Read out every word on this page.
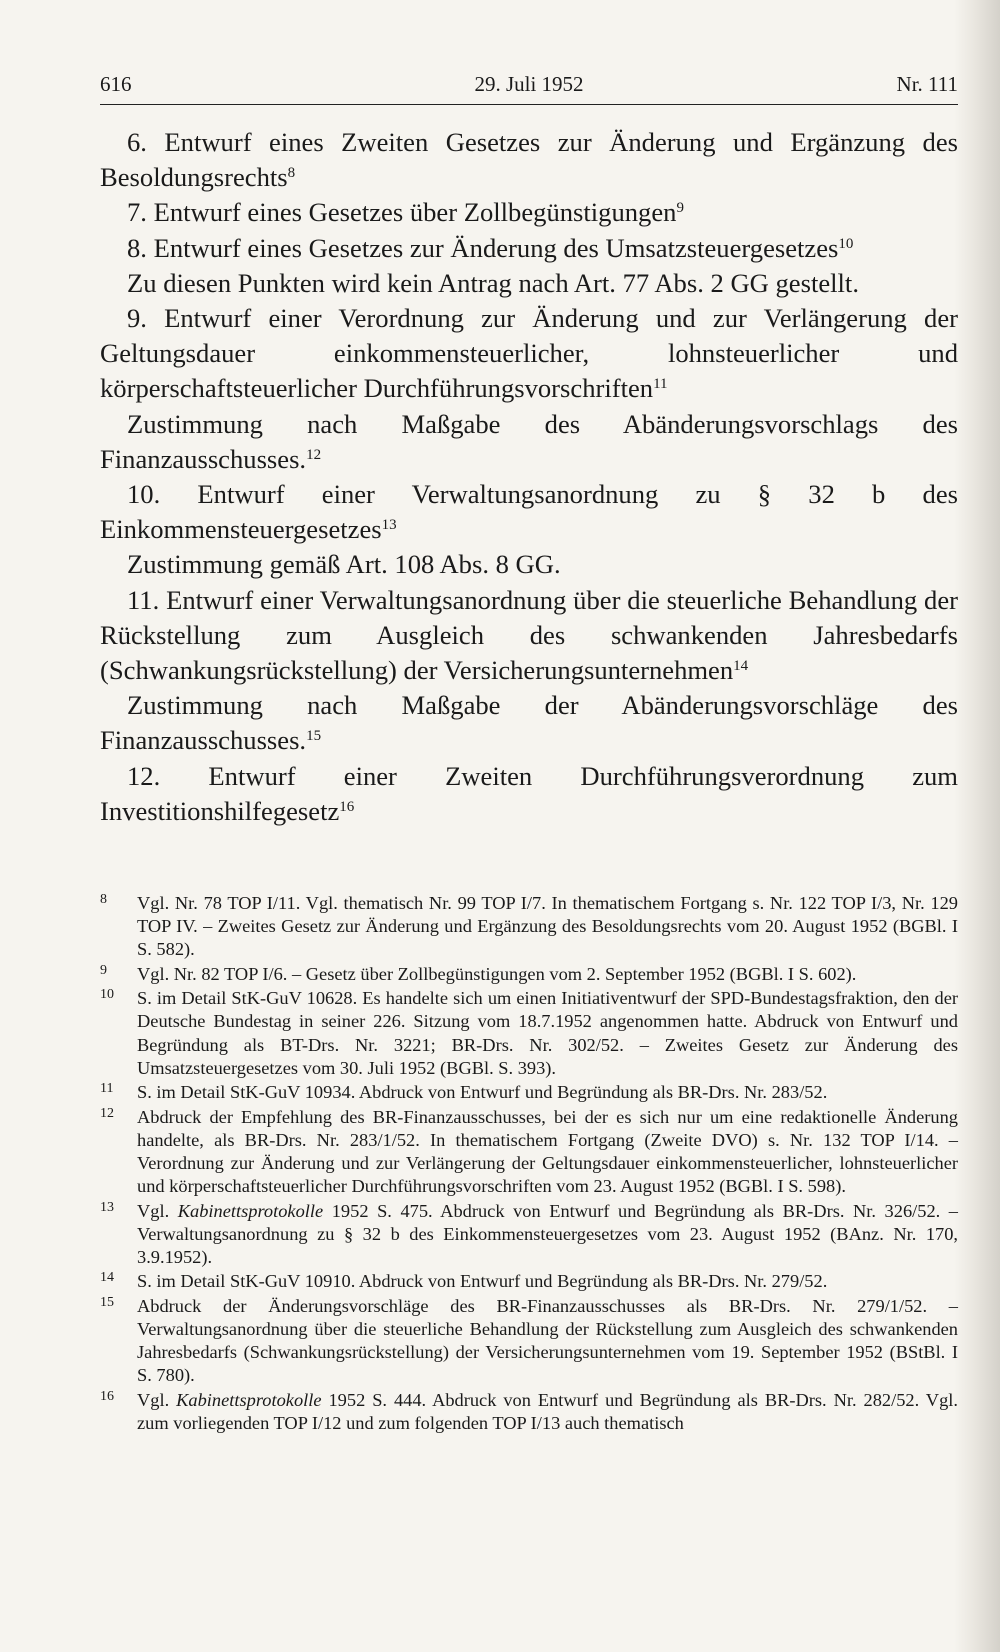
616	29. Juli 1952	Nr. 111

6. Entwurf eines Zweiten Gesetzes zur Änderung und Ergänzung des Besoldungsrechts$^8$

7. Entwurf eines Gesetzes über Zollbegünstigungen$^9$

8. Entwurf eines Gesetzes zur Änderung des Umsatzsteuergesetzes$^{10}$

Zu diesen Punkten wird kein Antrag nach Art. 77 Abs. 2 GG gestellt.

9. Entwurf einer Verordnung zur Änderung und zur Verlängerung der Geltungsdauer einkommensteuerlicher, lohnsteuerlicher und körperschaftsteuerlicher Durchführungsvorschriften$^{11}$

Zustimmung nach Maßgabe des Abänderungsvorschlags des Finanzausschusses.$^{12}$

10. Entwurf einer Verwaltungsanordnung zu § 32 b des Einkommensteuergesetzes$^{13}$

Zustimmung gemäß Art. 108 Abs. 8 GG.

11. Entwurf einer Verwaltungsanordnung über die steuerliche Behandlung der Rückstellung zum Ausgleich des schwankenden Jahresbedarfs (Schwankungsrückstellung) der Versicherungsunternehmen$^{14}$

Zustimmung nach Maßgabe der Abänderungsvorschläge des Finanzausschusses.$^{15}$

12. Entwurf einer Zweiten Durchführungsverordnung zum Investitionshilfegesetz$^{16}$

8 Vgl. Nr. 78 TOP I/11. Vgl. thematisch Nr. 99 TOP I/7. In thematischem Fortgang s. Nr. 122 TOP I/3, Nr. 129 TOP IV. – Zweites Gesetz zur Änderung und Ergänzung des Besoldungsrechts vom 20. August 1952 (BGBl. I S. 582).

9 Vgl. Nr. 82 TOP I/6. – Gesetz über Zollbegünstigungen vom 2. September 1952 (BGBl. I S. 602).

10 S. im Detail StK-GuV 10628. Es handelte sich um einen Initiativentwurf der SPD-Bundestagsfraktion, den der Deutsche Bundestag in seiner 226. Sitzung vom 18.7.1952 angenommen hatte. Abdruck von Entwurf und Begründung als BT-Drs. Nr. 3221; BR-Drs. Nr. 302/52. – Zweites Gesetz zur Änderung des Umsatzsteuergesetzes vom 30. Juli 1952 (BGBl. S. 393).

11 S. im Detail StK-GuV 10934. Abdruck von Entwurf und Begründung als BR-Drs. Nr. 283/52.

12 Abdruck der Empfehlung des BR-Finanzausschusses, bei der es sich nur um eine redaktionelle Änderung handelte, als BR-Drs. Nr. 283/1/52. In thematischem Fortgang (Zweite DVO) s. Nr. 132 TOP I/14. – Verordnung zur Änderung und zur Verlängerung der Geltungsdauer einkommensteuerlicher, lohnsteuerlicher und körperschaftsteuerlicher Durchführungsvorschriften vom 23. August 1952 (BGBl. I S. 598).

13 Vgl. Kabinettsprotokolle 1952 S. 475. Abdruck von Entwurf und Begründung als BR-Drs. Nr. 326/52. – Verwaltungsanordnung zu § 32 b des Einkommensteuergesetzes vom 23. August 1952 (BAnz. Nr. 170, 3.9.1952).

14 S. im Detail StK-GuV 10910. Abdruck von Entwurf und Begründung als BR-Drs. Nr. 279/52.

15 Abdruck der Änderungsvorschläge des BR-Finanzausschusses als BR-Drs. Nr. 279/1/52. – Verwaltungsanordnung über die steuerliche Behandlung der Rückstellung zum Ausgleich des schwankenden Jahresbedarfs (Schwankungsrückstellung) der Versicherungsunternehmen vom 19. September 1952 (BStBl. I S. 780).

16 Vgl. Kabinettsprotokolle 1952 S. 444. Abdruck von Entwurf und Begründung als BR-Drs. Nr. 282/52. Vgl. zum vorliegenden TOP I/12 und zum folgenden TOP I/13 auch thematisch
